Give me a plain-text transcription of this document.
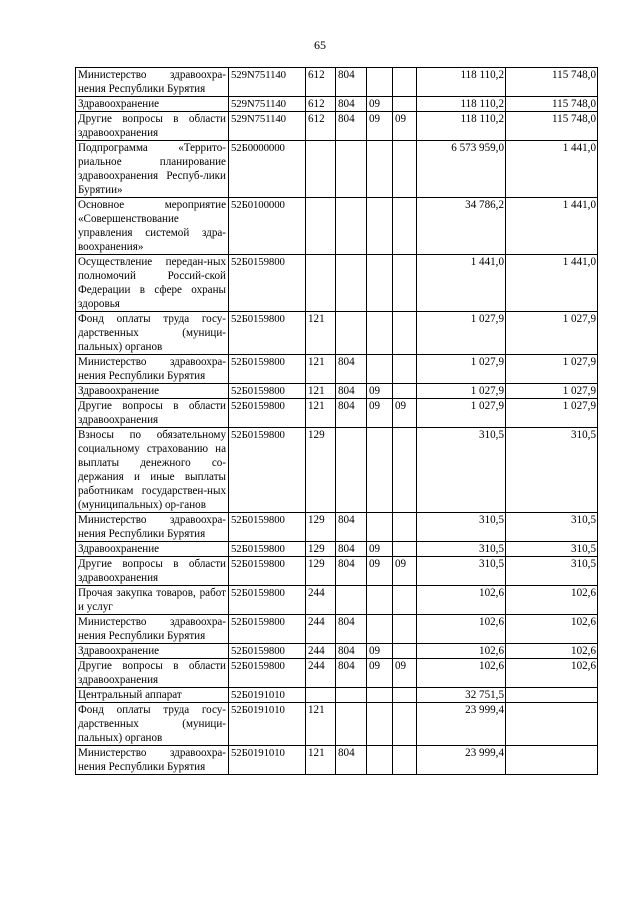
65
Министерство здравоохра-нения Республики Бурятия	529N751140	612	804			118 110,2	115 748,0
Здравоохранение	529N751140	612	804	09		118 110,2	115 748,0
Другие вопросы в области здравоохранения	529N751140	612	804	09	09	118 110,2	115 748,0
Подпрограмма «Террито-риальное планирование здравоохранения Респуб-лики Бурятии»	52Б0000000					6 573 959,0	1 441,0
Основное мероприятие «Совершенствование управления системой здра-воохранения»	52Б0100000					34 786,2	1 441,0
Осуществление передан-ных полномочий Россий-ской Федерации в сфере охраны здоровья	52Б0159800					1 441,0	1 441,0
Фонд оплаты труда госу-дарственных (муници-пальных) органов	52Б0159800	121				1 027,9	1 027,9
Министерство здравоохра-нения Республики Бурятия	52Б0159800	121	804			1 027,9	1 027,9
Здравоохранение	52Б0159800	121	804	09		1 027,9	1 027,9
Другие вопросы в области здравоохранения	52Б0159800	121	804	09	09	1 027,9	1 027,9
Взносы по обязательному социальному страхованию на выплаты денежного со-держания и иные выплаты работникам государствен-ных (муниципальных) ор-ганов	52Б0159800	129				310,5	310,5
Министерство здравоохра-нения Республики Бурятия	52Б0159800	129	804			310,5	310,5
Здравоохранение	52Б0159800	129	804	09		310,5	310,5
Другие вопросы в области здравоохранения	52Б0159800	129	804	09	09	310,5	310,5
Прочая закупка товаров, работ и услуг	52Б0159800	244				102,6	102,6
Министерство здравоохра-нения Республики Бурятия	52Б0159800	244	804			102,6	102,6
Здравоохранение	52Б0159800	244	804	09		102,6	102,6
Другие вопросы в области здравоохранения	52Б0159800	244	804	09	09	102,6	102,6
Центральный аппарат	52Б0191010					32 751,5	
Фонд оплаты труда госу-дарственных (муници-пальных) органов	52Б0191010	121				23 999,4	
Министерство здравоохра-нения Республики Бурятия	52Б0191010	121	804			23 999,4	
